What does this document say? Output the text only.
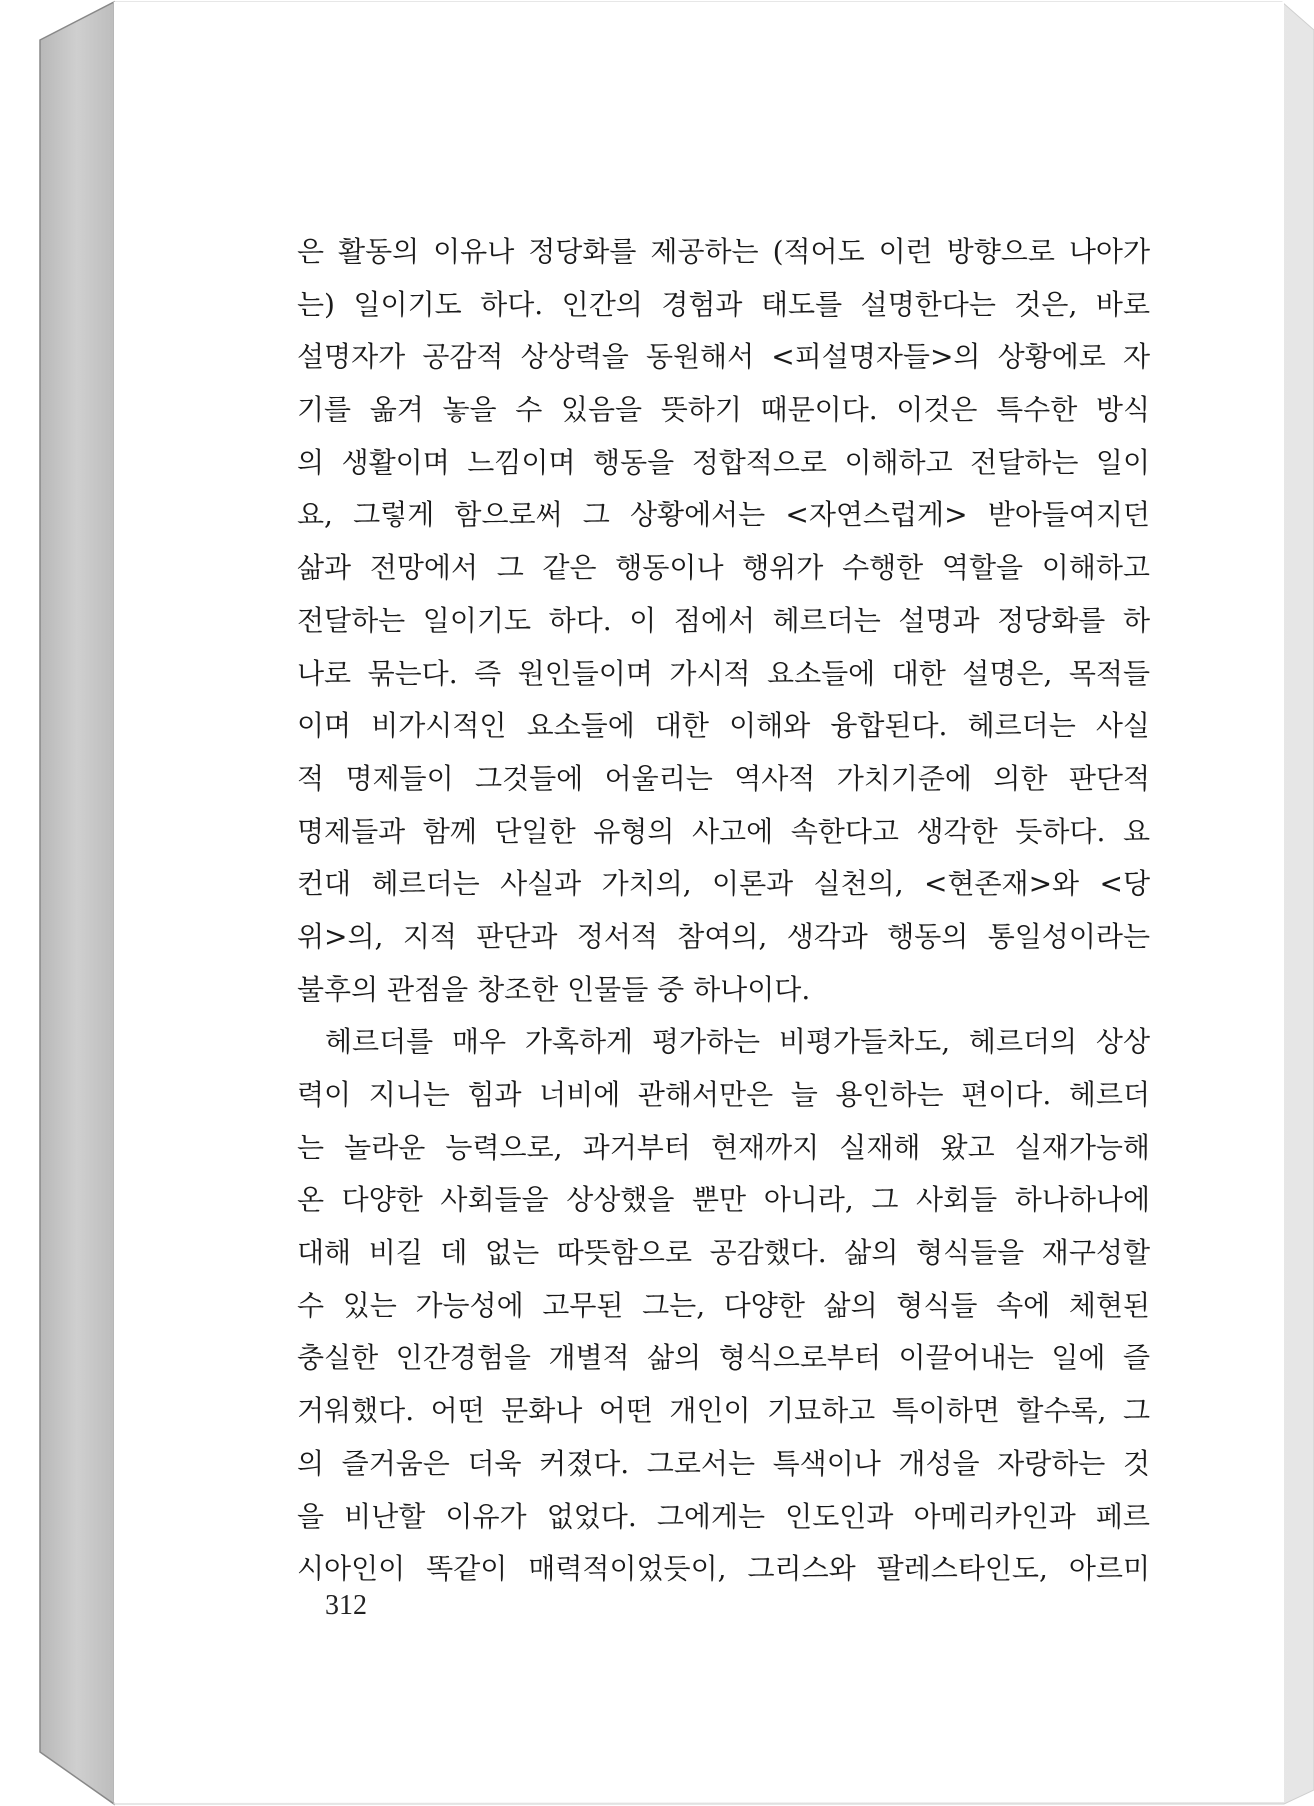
은 활동의 이유나 정당화를 제공하는 (적어도 이런 방향으로 나아가
는) 일이기도 하다. 인간의 경험과 태도를 설명한다는 것은, 바로
설명자가 공감적 상상력을 동원해서 <피설명자들>의 상황에로 자
기를 옮겨 놓을 수 있음을 뜻하기 때문이다. 이것은 특수한 방식
의 생활이며 느낌이며 행동을 정합적으로 이해하고 전달하는 일이
요, 그렇게 함으로써 그 상황에서는 <자연스럽게> 받아들여지던
삶과 전망에서 그 같은 행동이나 행위가 수행한 역할을 이해하고
전달하는 일이기도 하다. 이 점에서 헤르더는 설명과 정당화를 하
나로 묶는다. 즉 원인들이며 가시적 요소들에 대한 설명은, 목적들
이며 비가시적인 요소들에 대한 이해와 융합된다. 헤르더는 사실
적 명제들이 그것들에 어울리는 역사적 가치기준에 의한 판단적
명제들과 함께 단일한 유형의 사고에 속한다고 생각한 듯하다. 요
컨대 헤르더는 사실과 가치의, 이론과 실천의, <현존재>와 <당
위>의, 지적 판단과 정서적 참여의, 생각과 행동의 통일성이라는
불후의 관점을 창조한 인물들 중 하나이다.
헤르더를 매우 가혹하게 평가하는 비평가들차도, 헤르더의 상상
력이 지니는 힘과 너비에 관해서만은 늘 용인하는 편이다. 헤르더
는 놀라운 능력으로, 과거부터 현재까지 실재해 왔고 실재가능해
온 다양한 사회들을 상상했을 뿐만 아니라, 그 사회들 하나하나에
대해 비길 데 없는 따뜻함으로 공감했다. 삶의 형식들을 재구성할
수 있는 가능성에 고무된 그는, 다양한 삶의 형식들 속에 체현된
충실한 인간경험을 개별적 삶의 형식으로부터 이끌어내는 일에 즐
거워했다. 어떤 문화나 어떤 개인이 기묘하고 특이하면 할수록, 그
의 즐거움은 더욱 커졌다. 그로서는 특색이나 개성을 자랑하는 것
을 비난할 이유가 없었다. 그에게는 인도인과 아메리카인과 페르
시아인이 똑같이 매력적이었듯이, 그리스와 팔레스타인도, 아르미
312
